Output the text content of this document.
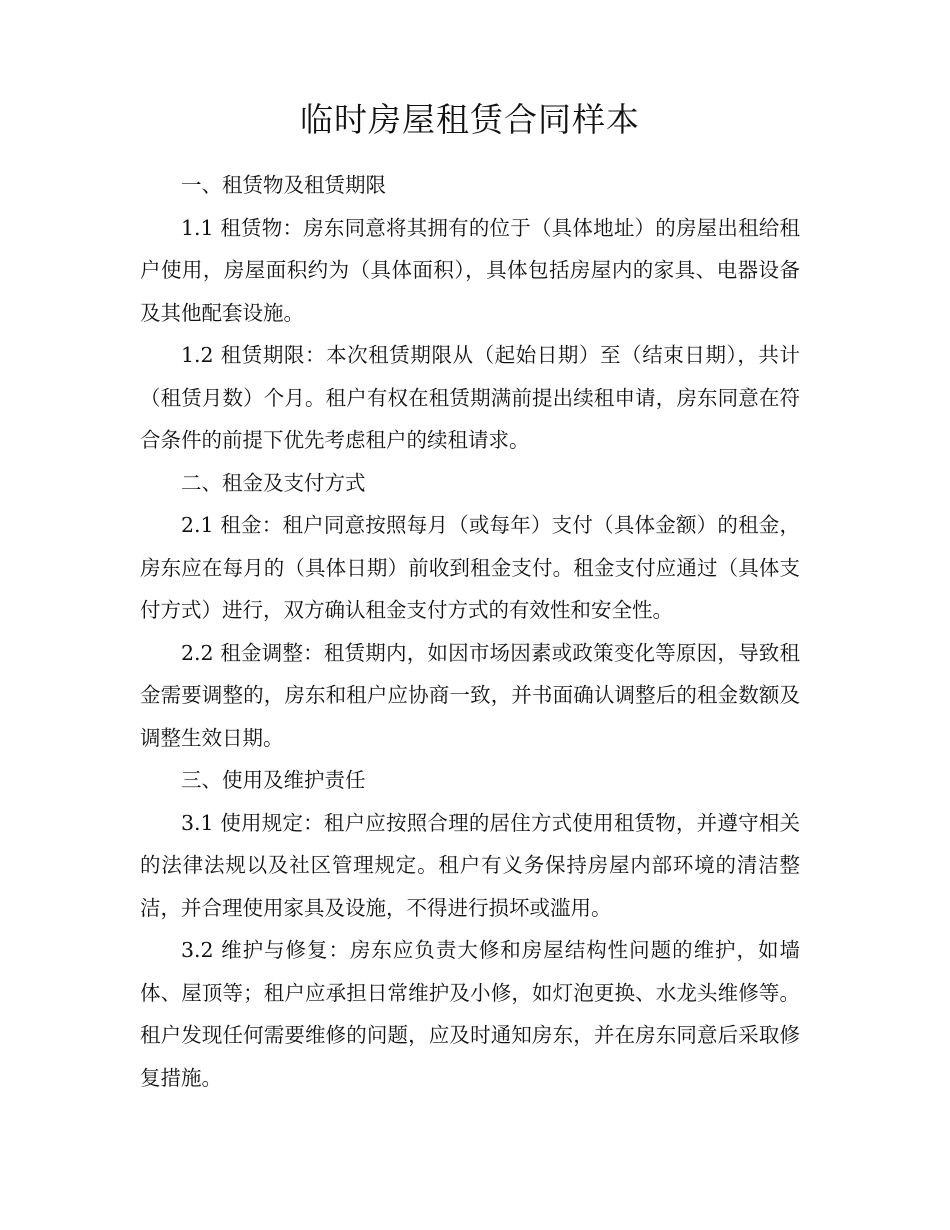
临时房屋租赁合同样本
一、租赁物及租赁期限

1.1 租赁物：房东同意将其拥有的位于（具体地址）的房屋出租给租户使用，房屋面积约为（具体面积），具体包括房屋内的家具、电器设备及其他配套设施。

1.2 租赁期限：本次租赁期限从（起始日期）至（结束日期），共计（租赁月数）个月。租户有权在租赁期满前提出续租申请，房东同意在符合条件的前提下优先考虑租户的续租请求。

二、租金及支付方式

2.1 租金：租户同意按照每月（或每年）支付（具体金额）的租金，房东应在每月的（具体日期）前收到租金支付。租金支付应通过（具体支付方式）进行，双方确认租金支付方式的有效性和安全性。

2.2 租金调整：租赁期内，如因市场因素或政策变化等原因，导致租金需要调整的，房东和租户应协商一致，并书面确认调整后的租金数额及调整生效日期。

三、使用及维护责任

3.1 使用规定：租户应按照合理的居住方式使用租赁物，并遵守相关的法律法规以及社区管理规定。租户有义务保持房屋内部环境的清洁整洁，并合理使用家具及设施，不得进行损坏或滥用。

3.2 维护与修复：房东应负责大修和房屋结构性问题的维护，如墙体、屋顶等；租户应承担日常维护及小修，如灯泡更换、水龙头维修等。租户发现任何需要维修的问题，应及时通知房东，并在房东同意后采取修复措施。
